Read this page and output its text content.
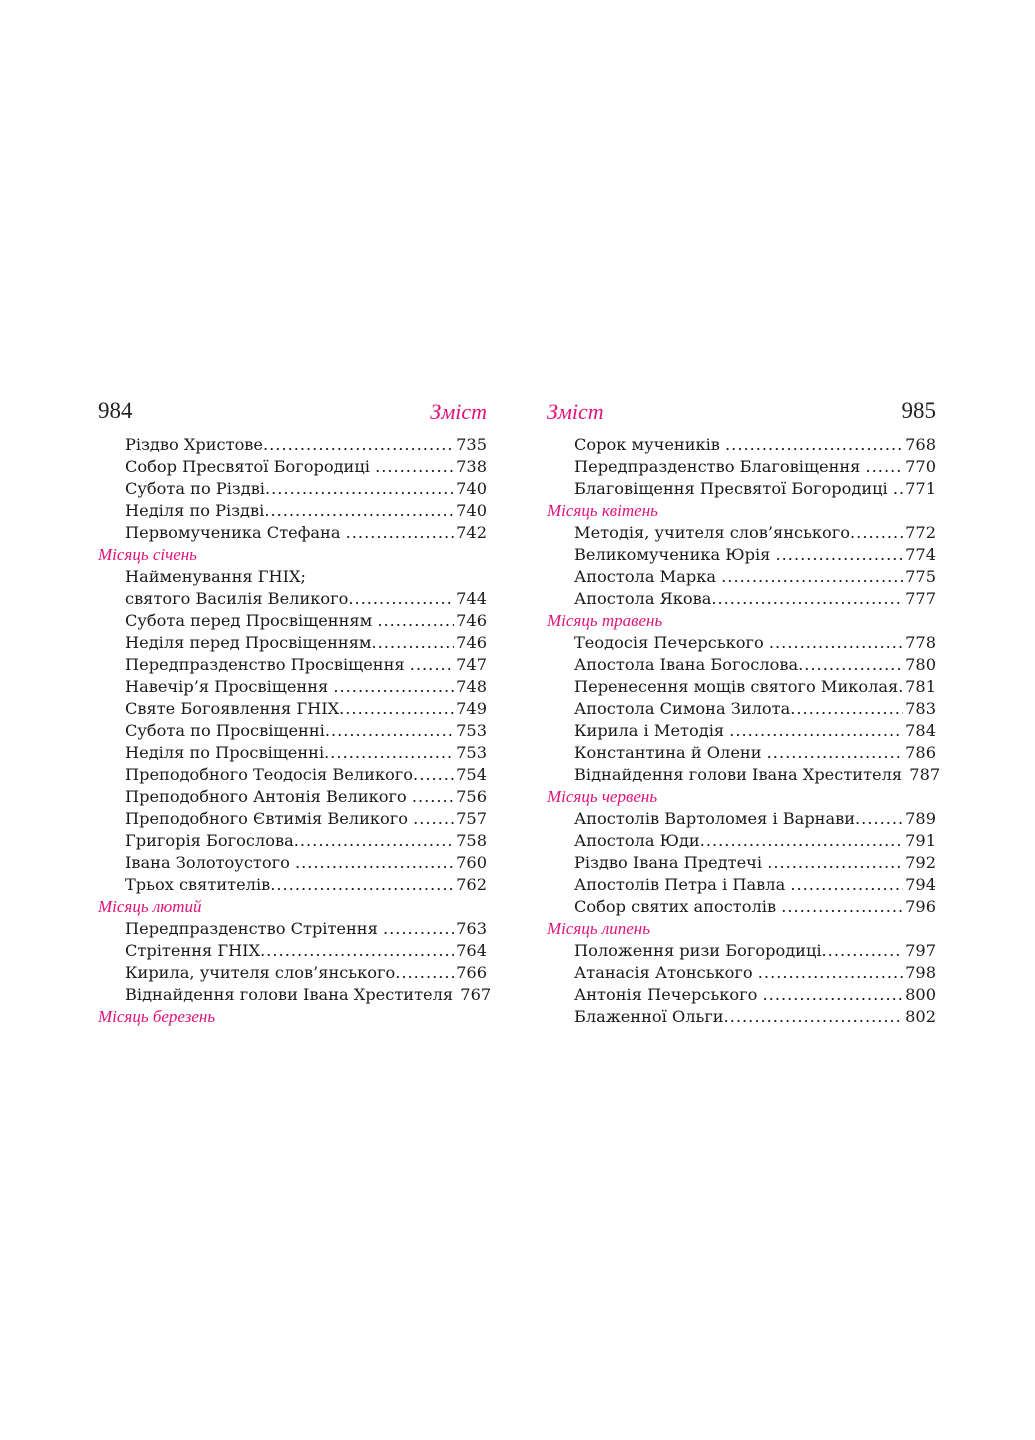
984	Зміст
Різдво Христове .....	735
Собор Пресвятої Богородиці .....	738
Субота по Різдві .....	740
Неділя по Різдві .....	740
Первомученика Стефана .....	742
Місяць січень
Найменування ГНІХ;
святого Василія Великого .....	744
Субота перед Просвіщенням .....	746
Неділя перед Просвіщенням .....	746
Передпразденство Просвіщення .....	747
Навечір’я Просвіщення .....	748
Святе Богоявлення ГНІХ .....	749
Субота по Просвіщенні .....	753
Неділя по Просвіщенні .....	753
Преподобного Теодосія Великого .....	754
Преподобного Антонія Великого .....	756
Преподобного Євтимія Великого .....	757
Григорія Богослова .....	758
Івана Золотоустого .....	760
Трьох святителів .....	762
Місяць лютий
Передпразденство Стрітення .....	763
Стрітення ГНІХ .....	764
Кирила, учителя слов’янського .....	766
Віднайдення голови Івана Хрестителя 767
Місяць березень
Зміст	985
Сорок мучеників .....	768
Передпразденство Благовіщення ..... 770
Благовіщення Пресвятої Богородиці ..... 771
Місяць квітень
Методія, учителя слов’янського .....	772
Великомученика Юрія .....	774
Апостола Марка .....	775
Апостола Якова .....	777
Місяць травень
Теодосія Печерського .....	778
Апостола Івана Богослова .....	780
Перенесення мощів святого Миколая ..... 781
Апостола Симона Зилота .....	783
Кирила і Методія .....	784
Константина й Олени .....	786
Віднайдення голови Івана Хрестителя 787
Місяць червень
Апостолів Вартоломея і Варнави .....	789
Апостола Юди .....	791
Різдво Івана Предтечі .....	792
Апостолів Петра і Павла .....	794
Собор святих апостолів .....	796
Місяць липень
Положення ризи Богородиці .....	797
Атанасія Атонського .....	798
Антонія Печерського .....	800
Блаженної Ольги .....	802
